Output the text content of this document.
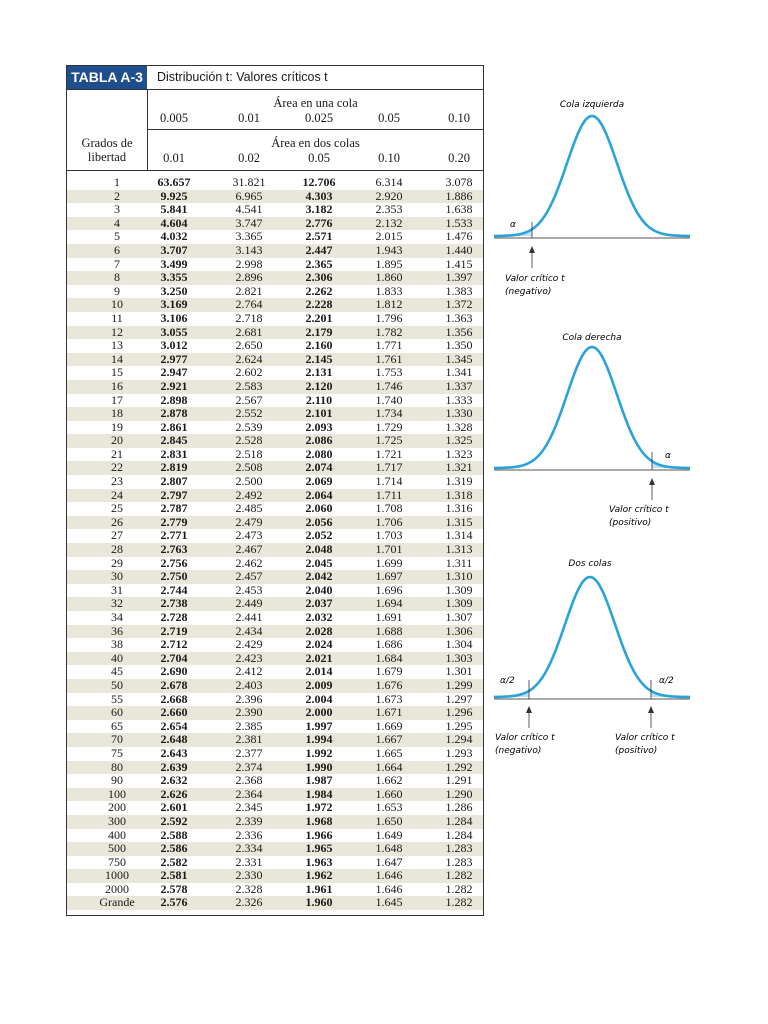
TABLA A-3	Distribución t: Valores críticos t
Área en una cola
0.005	0.01	0.025	0.05	0.10
Área en dos colas
0.01	0.02	0.05	0.10	0.20
Grados de
libertad
1	63.657	31.821	12.706	6.314	3.078
2	9.925	6.965	4.303	2.920	1.886
3	5.841	4.541	3.182	2.353	1.638
4	4.604	3.747	2.776	2.132	1.533
5	4.032	3.365	2.571	2.015	1.476
6	3.707	3.143	2.447	1.943	1.440
7	3.499	2.998	2.365	1.895	1.415
8	3.355	2.896	2.306	1.860	1.397
9	3.250	2.821	2.262	1.833	1.383
10	3.169	2.764	2.228	1.812	1.372
11	3.106	2.718	2.201	1.796	1.363
12	3.055	2.681	2.179	1.782	1.356
13	3.012	2.650	2.160	1.771	1.350
14	2.977	2.624	2.145	1.761	1.345
15	2.947	2.602	2.131	1.753	1.341
16	2.921	2.583	2.120	1.746	1.337
17	2.898	2.567	2.110	1.740	1.333
18	2.878	2.552	2.101	1.734	1.330
19	2.861	2.539	2.093	1.729	1.328
20	2.845	2.528	2.086	1.725	1.325
21	2.831	2.518	2.080	1.721	1.323
22	2.819	2.508	2.074	1.717	1.321
23	2.807	2.500	2.069	1.714	1.319
24	2.797	2.492	2.064	1.711	1.318
25	2.787	2.485	2.060	1.708	1.316
26	2.779	2.479	2.056	1.706	1.315
27	2.771	2.473	2.052	1.703	1.314
28	2.763	2.467	2.048	1.701	1.313
29	2.756	2.462	2.045	1.699	1.311
30	2.750	2.457	2.042	1.697	1.310
31	2.744	2.453	2.040	1.696	1.309
32	2.738	2.449	2.037	1.694	1.309
34	2.728	2.441	2.032	1.691	1.307
36	2.719	2.434	2.028	1.688	1.306
38	2.712	2.429	2.024	1.686	1.304
40	2.704	2.423	2.021	1.684	1.303
45	2.690	2.412	2.014	1.679	1.301
50	2.678	2.403	2.009	1.676	1.299
55	2.668	2.396	2.004	1.673	1.297
60	2.660	2.390	2.000	1.671	1.296
65	2.654	2.385	1.997	1.669	1.295
70	2.648	2.381	1.994	1.667	1.294
75	2.643	2.377	1.992	1.665	1.293
80	2.639	2.374	1.990	1.664	1.292
90	2.632	2.368	1.987	1.662	1.291
100	2.626	2.364	1.984	1.660	1.290
200	2.601	2.345	1.972	1.653	1.286
300	2.592	2.339	1.968	1.650	1.284
400	2.588	2.336	1.966	1.649	1.284
500	2.586	2.334	1.965	1.648	1.283
750	2.582	2.331	1.963	1.647	1.283
1000	2.581	2.330	1.962	1.646	1.282
2000	2.578	2.328	1.961	1.646	1.282
Grande	2.576	2.326	1.960	1.645	1.282
Cola izquierda
α
Valor crítico t
(negativo)
Cola derecha
α
Valor crítico t
(positivo)
Dos colas
α/2	α/2
Valor crítico t
(negativo)
Valor crítico t
(positivo)
